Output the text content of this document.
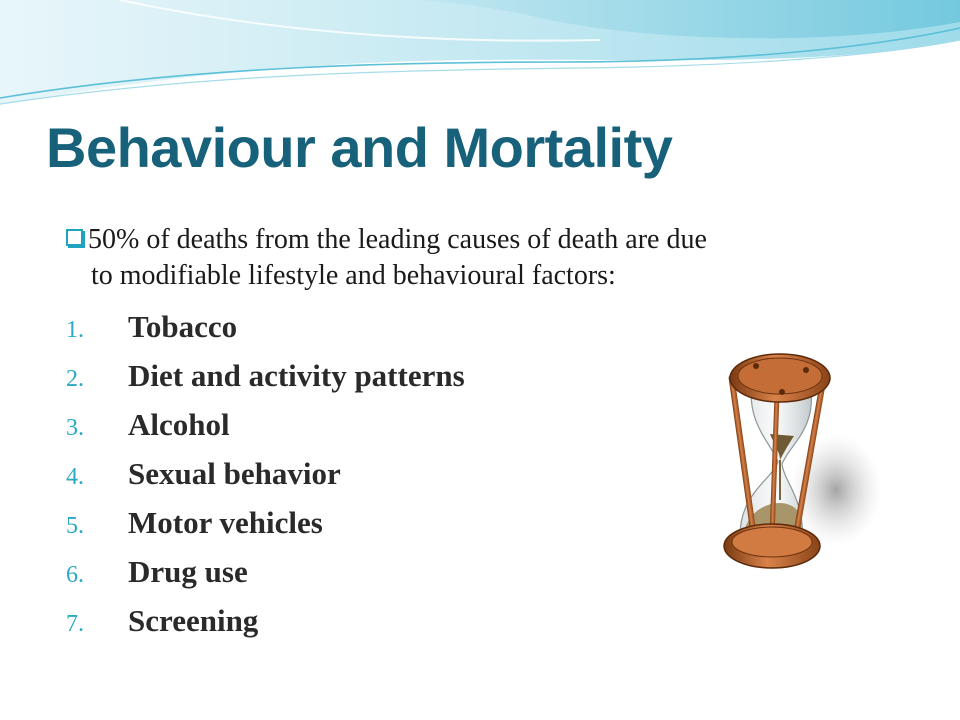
Behaviour and Mortality
50% of deaths from the leading causes of death are due
to modifiable lifestyle and behavioural factors:
1.	Tobacco
2.	Diet and activity patterns
3.	Alcohol
4.	Sexual behavior
5.	Motor vehicles
6.	Drug use
7.	Screening
